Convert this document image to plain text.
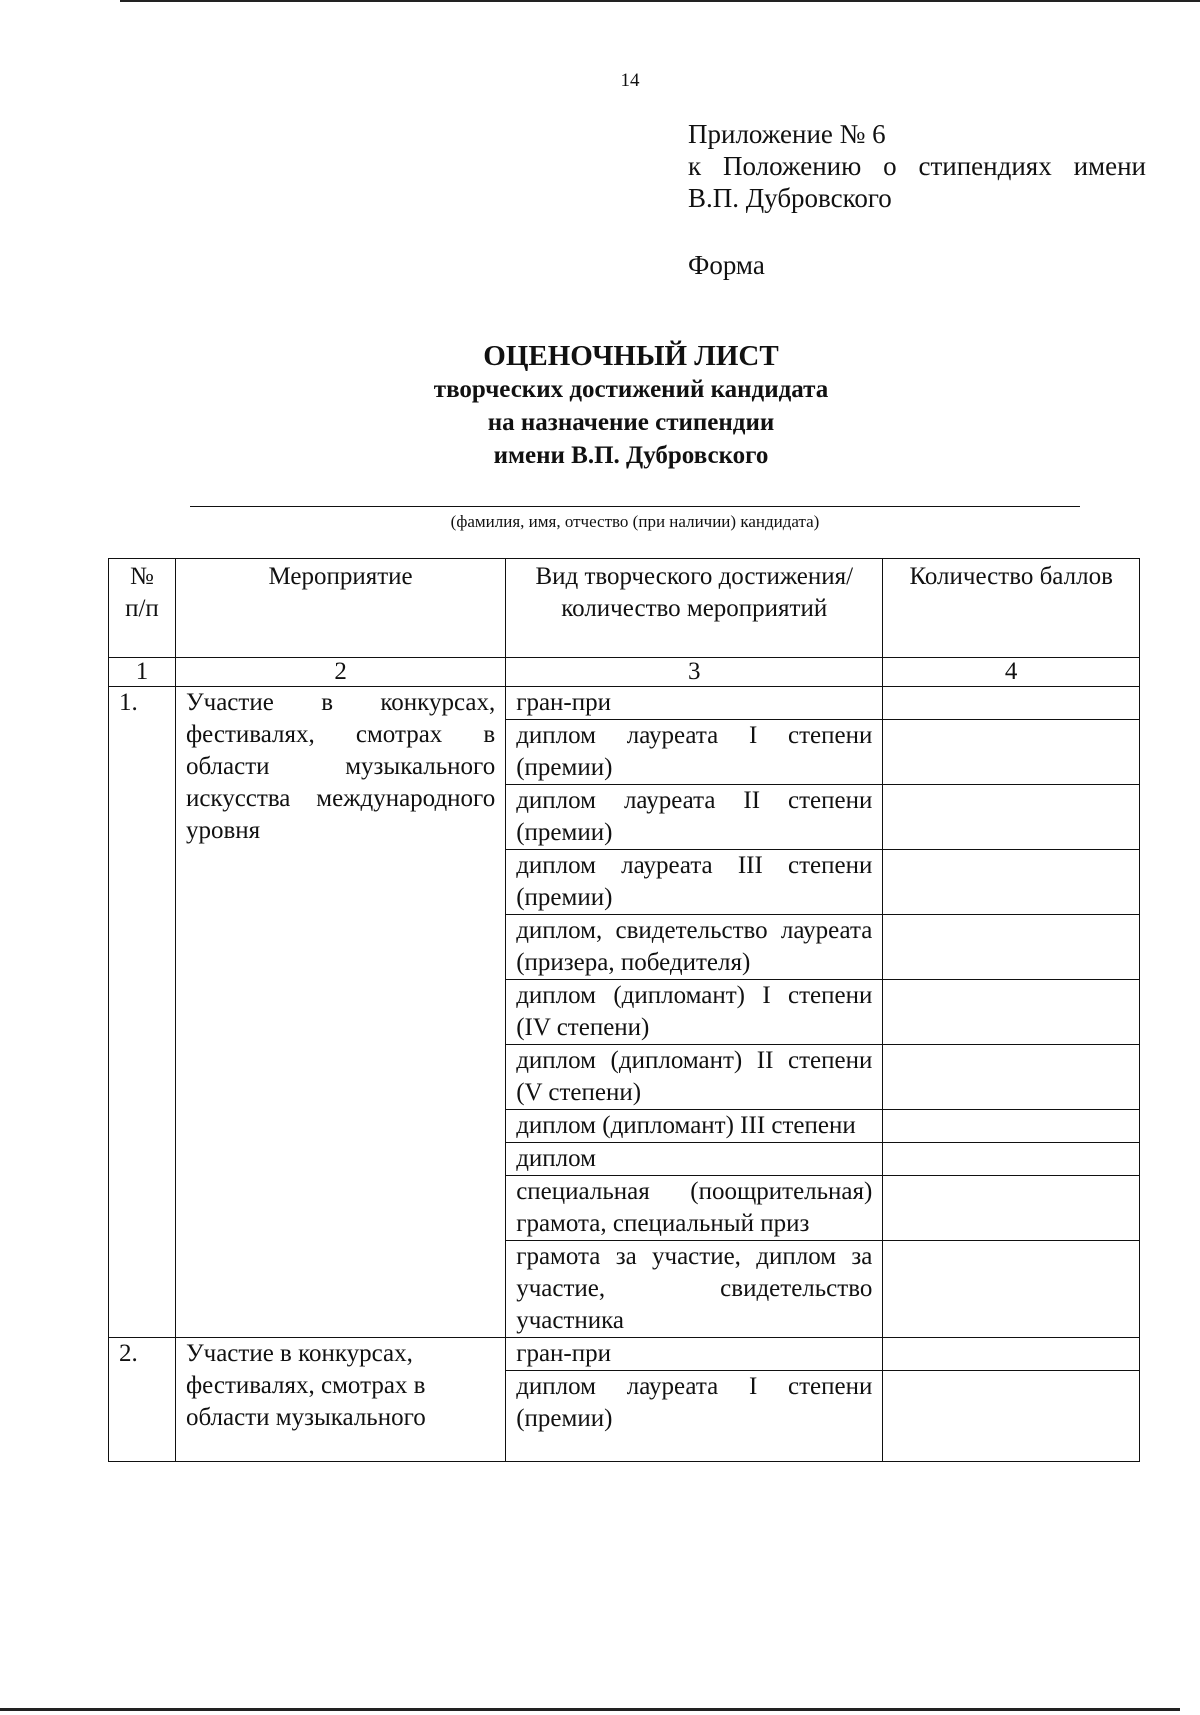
14
Приложение № 6
к Положению о стипендиях имени
В.П. Дубровского
Форма
ОЦЕНОЧНЫЙ ЛИСТ
творческих достижений кандидата
на назначение стипендии
имени В.П. Дубровского
(фамилия, имя, отчество (при наличии) кандидата)
№ п/п	Мероприятие	Вид творческого достижения/количество мероприятий	Количество баллов
1	2	3	4
1.	Участие в конкурсах, фестивалях, смотрах в области музыкального искусства международного уровня	гран-при	
		диплом лауреата I степени (премии)	
		диплом лауреата II степени (премии)	
		диплом лауреата III степени (премии)	
		диплом, свидетельство лауреата (призера, победителя)	
		диплом (дипломант) I степени (IV степени)	
		диплом (дипломант) II степени (V степени)	
		диплом (дипломант) III степени	
		диплом	
		специальная (поощрительная) грамота, специальный приз	
		грамота за участие, диплом за участие, свидетельство участника	
2.	Участие в конкурсах, фестивалях, смотрах в области музыкального	гран-при	
		диплом лауреата I степени (премии)	
